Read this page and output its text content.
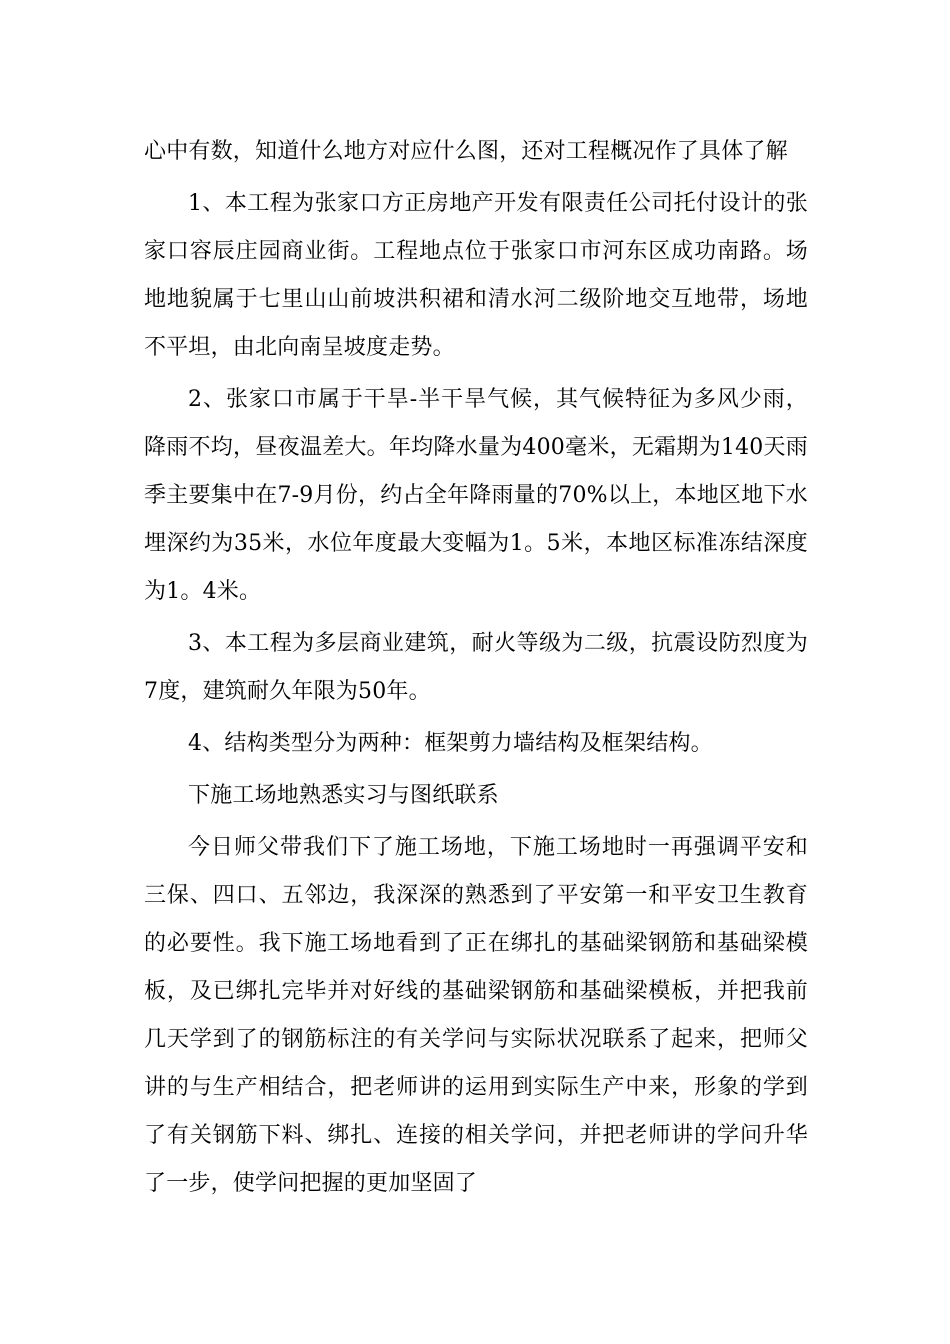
心中有数，知道什么地方对应什么图，还对工程概况作了具体了解

1、本工程为张家口方正房地产开发有限责任公司托付设计的张家口容辰庄园商业街。工程地点位于张家口市河东区成功南路。场地地貌属于七里山山前坡洪积裙和清水河二级阶地交互地带，场地不平坦，由北向南呈坡度走势。

2、张家口市属于干旱-半干旱气候，其气候特征为多风少雨，降雨不均，昼夜温差大。年均降水量为400毫米，无霜期为140天雨季主要集中在7-9月份，约占全年降雨量的70%以上，本地区地下水埋深约为35米，水位年度最大变幅为1。5米，本地区标准冻结深度为1。4米。

3、本工程为多层商业建筑，耐火等级为二级，抗震设防烈度为7度，建筑耐久年限为50年。

4、结构类型分为两种：框架剪力墙结构及框架结构。

下施工场地熟悉实习与图纸联系

今日师父带我们下了施工场地，下施工场地时一再强调平安和三保、四口、五邻边，我深深的熟悉到了平安第一和平安卫生教育的必要性。我下施工场地看到了正在绑扎的基础梁钢筋和基础梁模板，及已绑扎完毕并对好线的基础梁钢筋和基础梁模板，并把我前几天学到了的钢筋标注的有关学问与实际状况联系了起来，把师父讲的与生产相结合，把老师讲的运用到实际生产中来，形象的学到了有关钢筋下料、绑扎、连接的相关学问，并把老师讲的学问升华了一步，使学问把握的更加坚固了
